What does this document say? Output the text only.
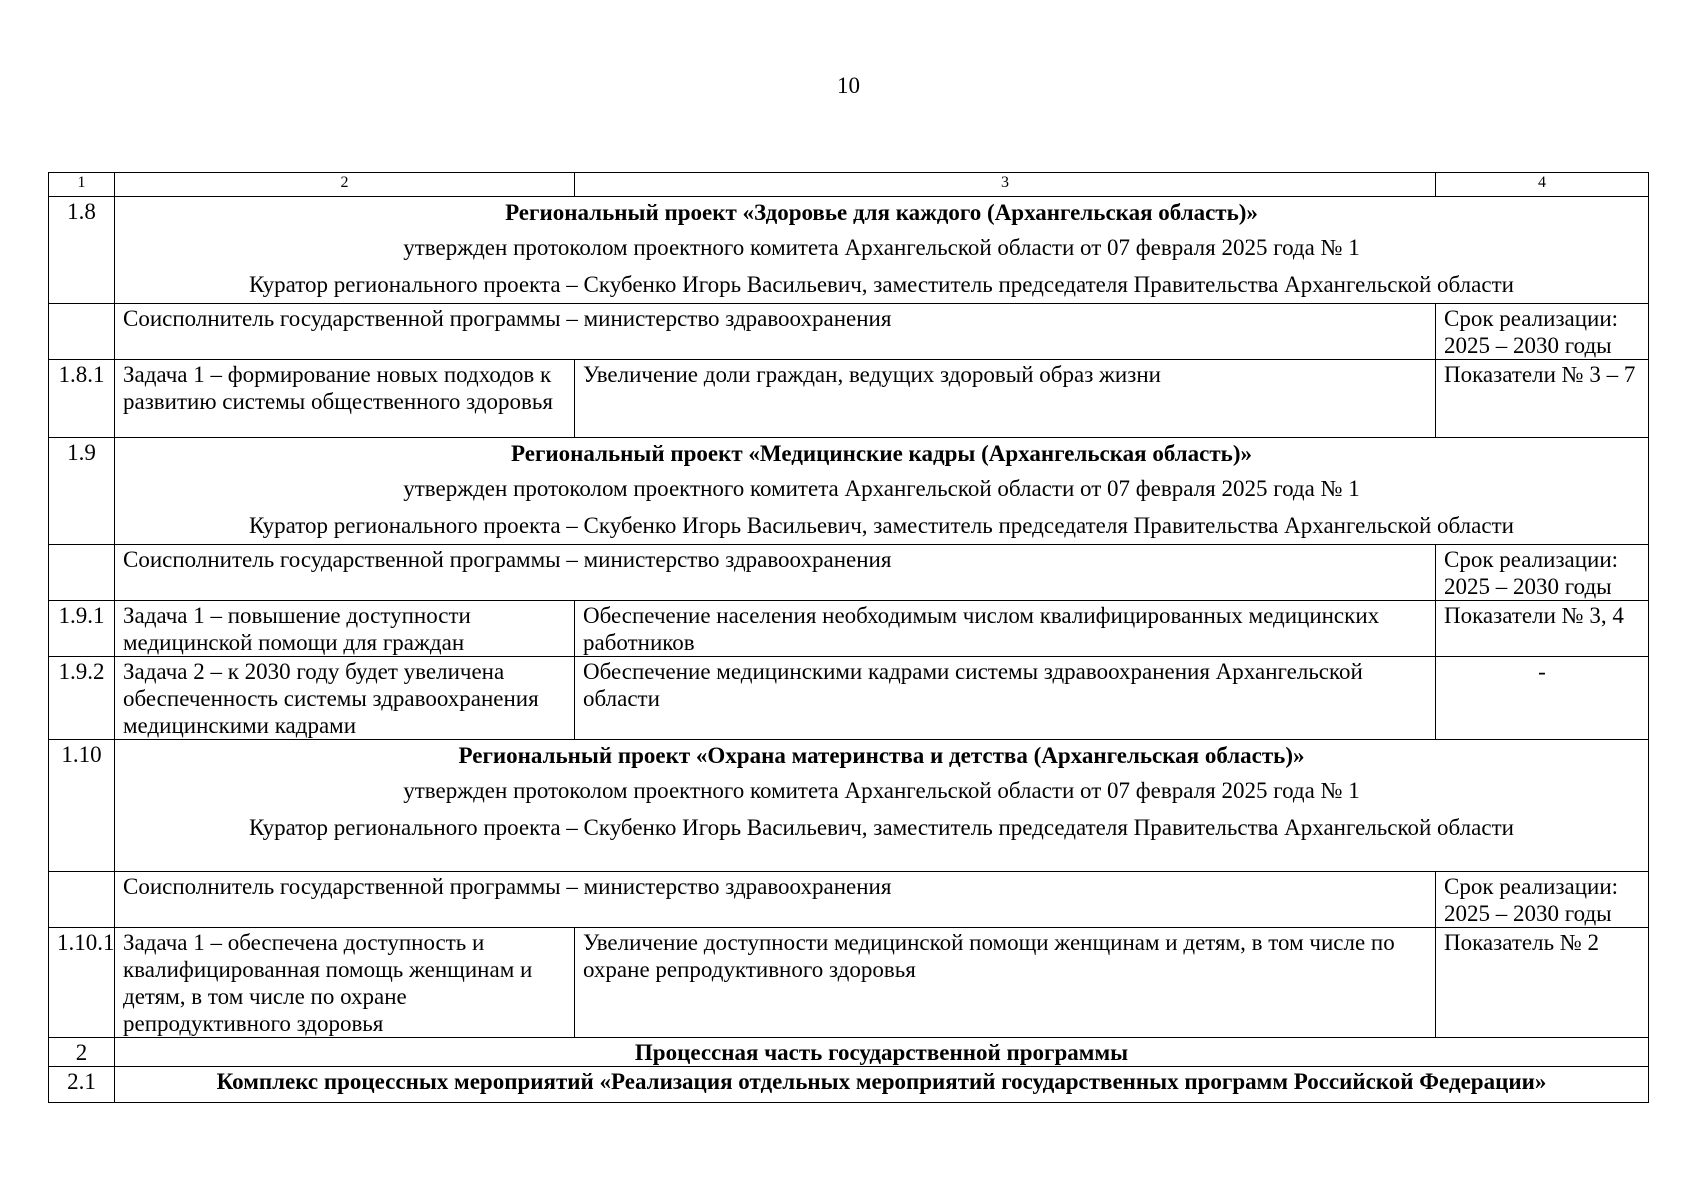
10
1	2	3	4
1.8	Региональный проект «Здоровье для каждого (Архангельская область)»
утвержден протоколом проектного комитета Архангельской области от 07 февраля 2025 года № 1
Куратор регионального проекта – Скубенко Игорь Васильевич, заместитель председателя Правительства Архангельской области		

	Соисполнитель государственной программы – министерство здравоохранения		Срок реализации:
2025 – 2030 годы

1.8.1	Задача 1 – формирование новых подходов к развитию системы общественного здоровья	Увеличение доли граждан, ведущих здоровый образ жизни	Показатели № 3 – 7
1.9	Региональный проект «Медицинские кадры (Архангельская область)»
утвержден протоколом проектного комитета Архангельской области от 07 февраля 2025 года № 1
Куратор регионального проекта – Скубенко Игорь Васильевич, заместитель председателя Правительства Архангельской области		

	Соисполнитель государственной программы – министерство здравоохранения		Срок реализации:
2025 – 2030 годы

1.9.1	Задача 1 – повышение доступности медицинской помощи для граждан	Обеспечение населения необходимым числом квалифицированных медицинских работников	Показатели № 3, 4
1.9.2	Задача 2 – к 2030 году будет увеличена обеспеченность системы здравоохранения медицинскими кадрами	Обеспечение медицинскими кадрами системы здравоохранения Архангельской области	-
1.10	Региональный проект «Охрана материнства и детства (Архангельская область)»
утвержден протоколом проектного комитета Архангельской области от 07 февраля 2025 года № 1
Куратор регионального проекта – Скубенко Игорь Васильевич, заместитель председателя Правительства Архангельской области		

	Соисполнитель государственной программы – министерство здравоохранения		Срок реализации:
2025 – 2030 годы

1.10.1	Задача 1 – обеспечена доступность и квалифицированная помощь женщинам и детям, в том числе по охране репродуктивного здоровья	Увеличение доступности медицинской помощи женщинам и детям, в том числе по охране репродуктивного здоровья	Показатель № 2
2	Процессная часть государственной программы		
2.1	Комплекс процессных мероприятий «Реализация отдельных мероприятий государственных программ Российской Федерации»		
